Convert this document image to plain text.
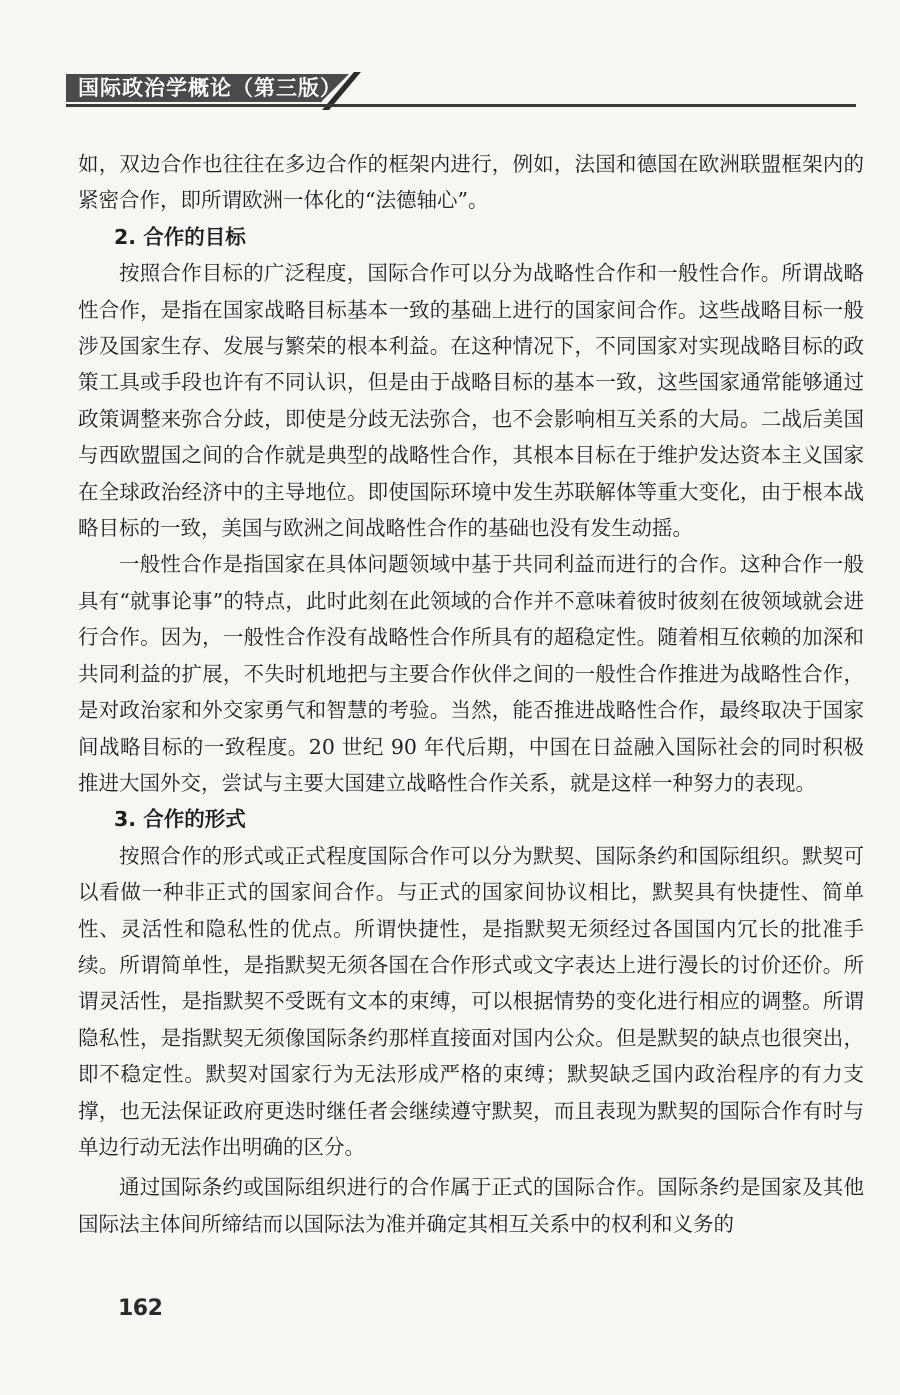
国际政治学概论（第三版）

如，双边合作也往往在多边合作的框架内进行，例如，法国和德国在欧洲联盟框架内的紧密合作，即所谓欧洲一体化的“法德轴心”。

2. 合作的目标

按照合作目标的广泛程度，国际合作可以分为战略性合作和一般性合作。所谓战略性合作，是指在国家战略目标基本一致的基础上进行的国家间合作。这些战略目标一般涉及国家生存、发展与繁荣的根本利益。在这种情况下，不同国家对实现战略目标的政策工具或手段也许有不同认识，但是由于战略目标的基本一致，这些国家通常能够通过政策调整来弥合分歧，即使是分歧无法弥合，也不会影响相互关系的大局。二战后美国与西欧盟国之间的合作就是典型的战略性合作，其根本目标在于维护发达资本主义国家在全球政治经济中的主导地位。即使国际环境中发生苏联解体等重大变化，由于根本战略目标的一致，美国与欧洲之间战略性合作的基础也没有发生动摇。

一般性合作是指国家在具体问题领域中基于共同利益而进行的合作。这种合作一般具有“就事论事”的特点，此时此刻在此领域的合作并不意味着彼时彼刻在彼领域就会进行合作。因为，一般性合作没有战略性合作所具有的超稳定性。随着相互依赖的加深和共同利益的扩展，不失时机地把与主要合作伙伴之间的一般性合作推进为战略性合作，是对政治家和外交家勇气和智慧的考验。当然，能否推进战略性合作，最终取决于国家间战略目标的一致程度。20 世纪 90 年代后期，中国在日益融入国际社会的同时积极推进大国外交，尝试与主要大国建立战略性合作关系，就是这样一种努力的表现。

3. 合作的形式

按照合作的形式或正式程度国际合作可以分为默契、国际条约和国际组织。默契可以看做一种非正式的国家间合作。与正式的国家间协议相比，默契具有快捷性、简单性、灵活性和隐私性的优点。所谓快捷性，是指默契无须经过各国国内冗长的批准手续。所谓简单性，是指默契无须各国在合作形式或文字表达上进行漫长的讨价还价。所谓灵活性，是指默契不受既有文本的束缚，可以根据情势的变化进行相应的调整。所谓隐私性，是指默契无须像国际条约那样直接面对国内公众。但是默契的缺点也很突出，即不稳定性。默契对国家行为无法形成严格的束缚；默契缺乏国内政治程序的有力支撑，也无法保证政府更迭时继任者会继续遵守默契，而且表现为默契的国际合作有时与单边行动无法作出明确的区分。

通过国际条约或国际组织进行的合作属于正式的国际合作。国际条约是国家及其他国际法主体间所缔结而以国际法为准并确定其相互关系中的权利和义务的

162
